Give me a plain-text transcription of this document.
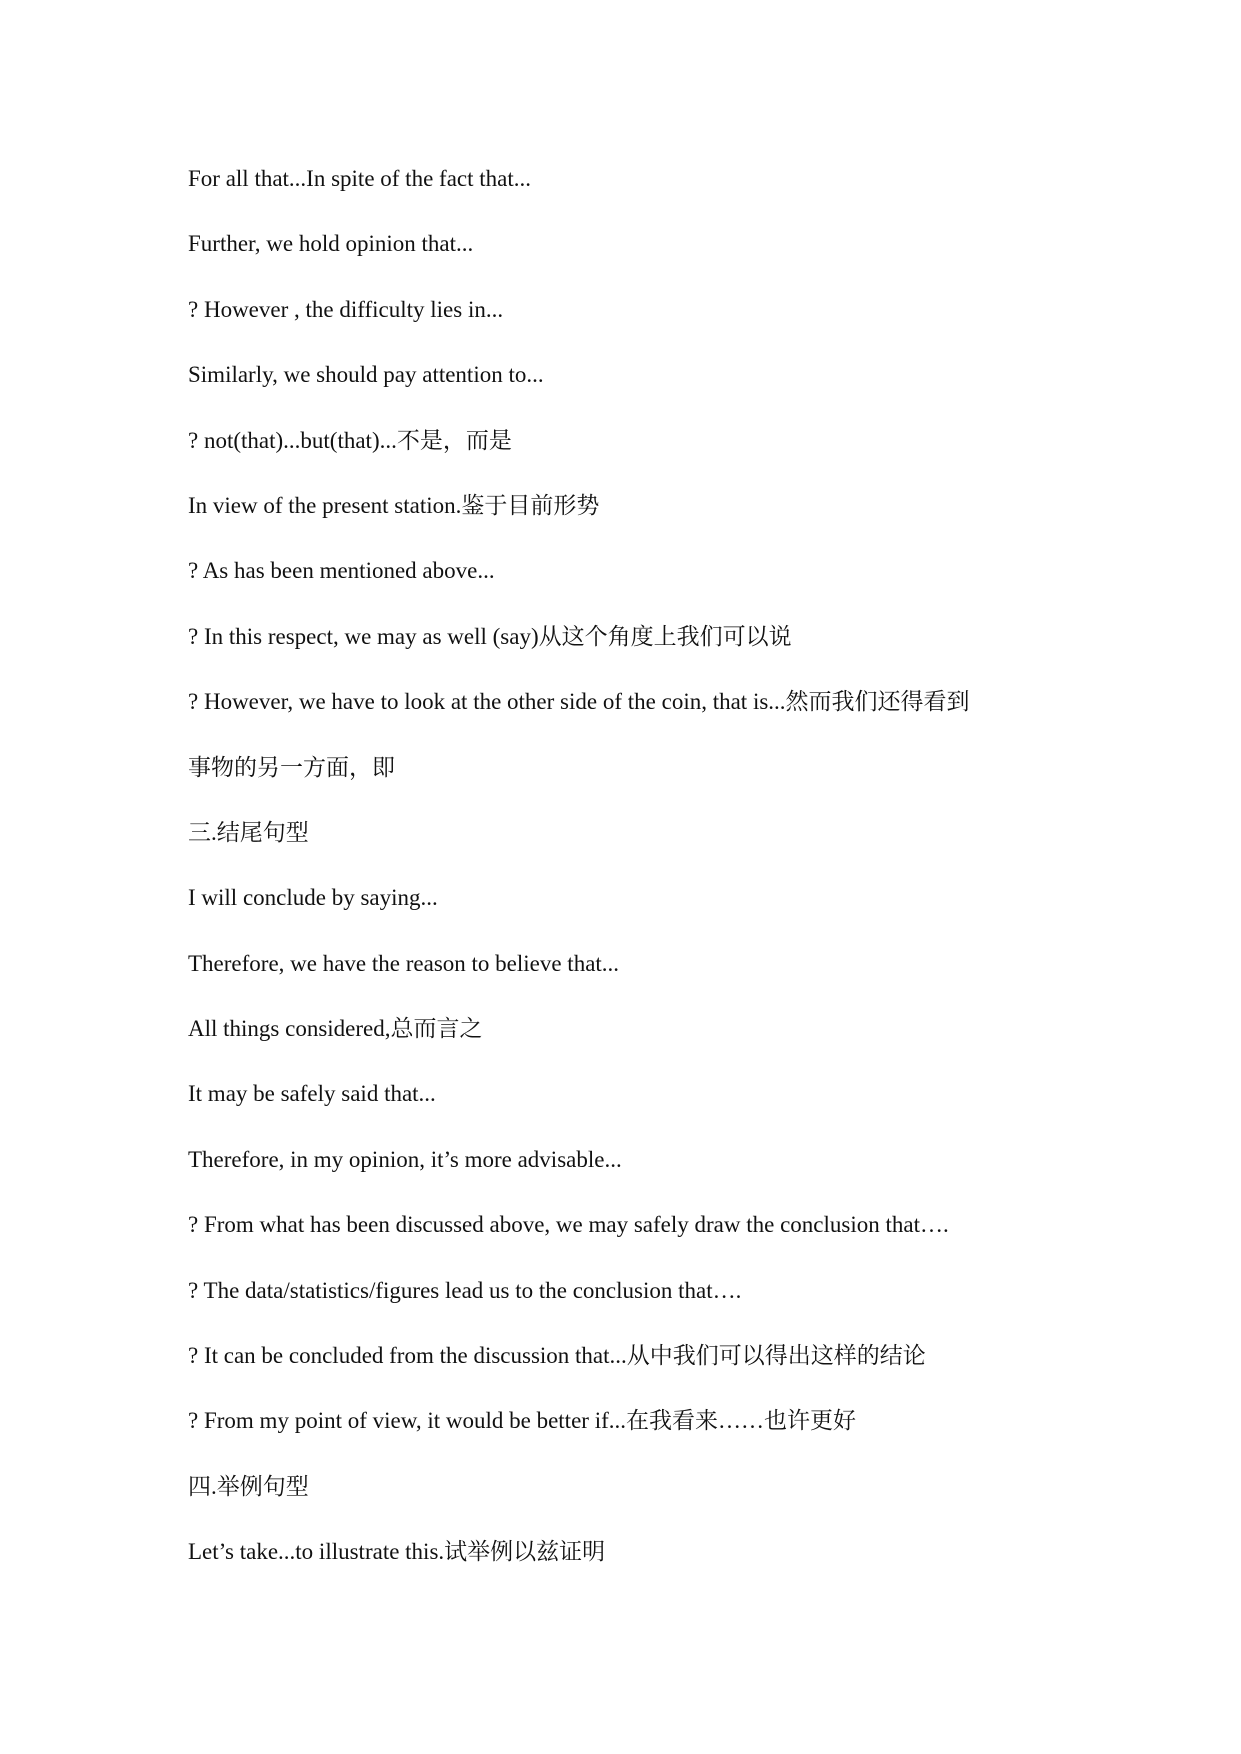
For all that...In spite of the fact that...
Further, we hold opinion that...
? However , the difficulty lies in...
Similarly, we should pay attention to...
? not(that)...but(that)...不是，而是
In view of the present station.鉴于目前形势
? As has been mentioned above...
? In this respect, we may as well (say)从这个角度上我们可以说
? However, we have to look at the other side of the coin, that is...然而我们还得看到
事物的另一方面，即
三.结尾句型
I will conclude by saying...
Therefore, we have the reason to believe that...
All things considered,总而言之
It may be safely said that...
Therefore, in my opinion, it’s more advisable...
? From what has been discussed above, we may safely draw the conclusion that….
? The data/statistics/figures lead us to the conclusion that….
? It can be concluded from the discussion that...从中我们可以得出这样的结论
? From my point of view, it would be better if...在我看来……也许更好
四.举例句型
Let’s take...to illustrate this.试举例以兹证明
